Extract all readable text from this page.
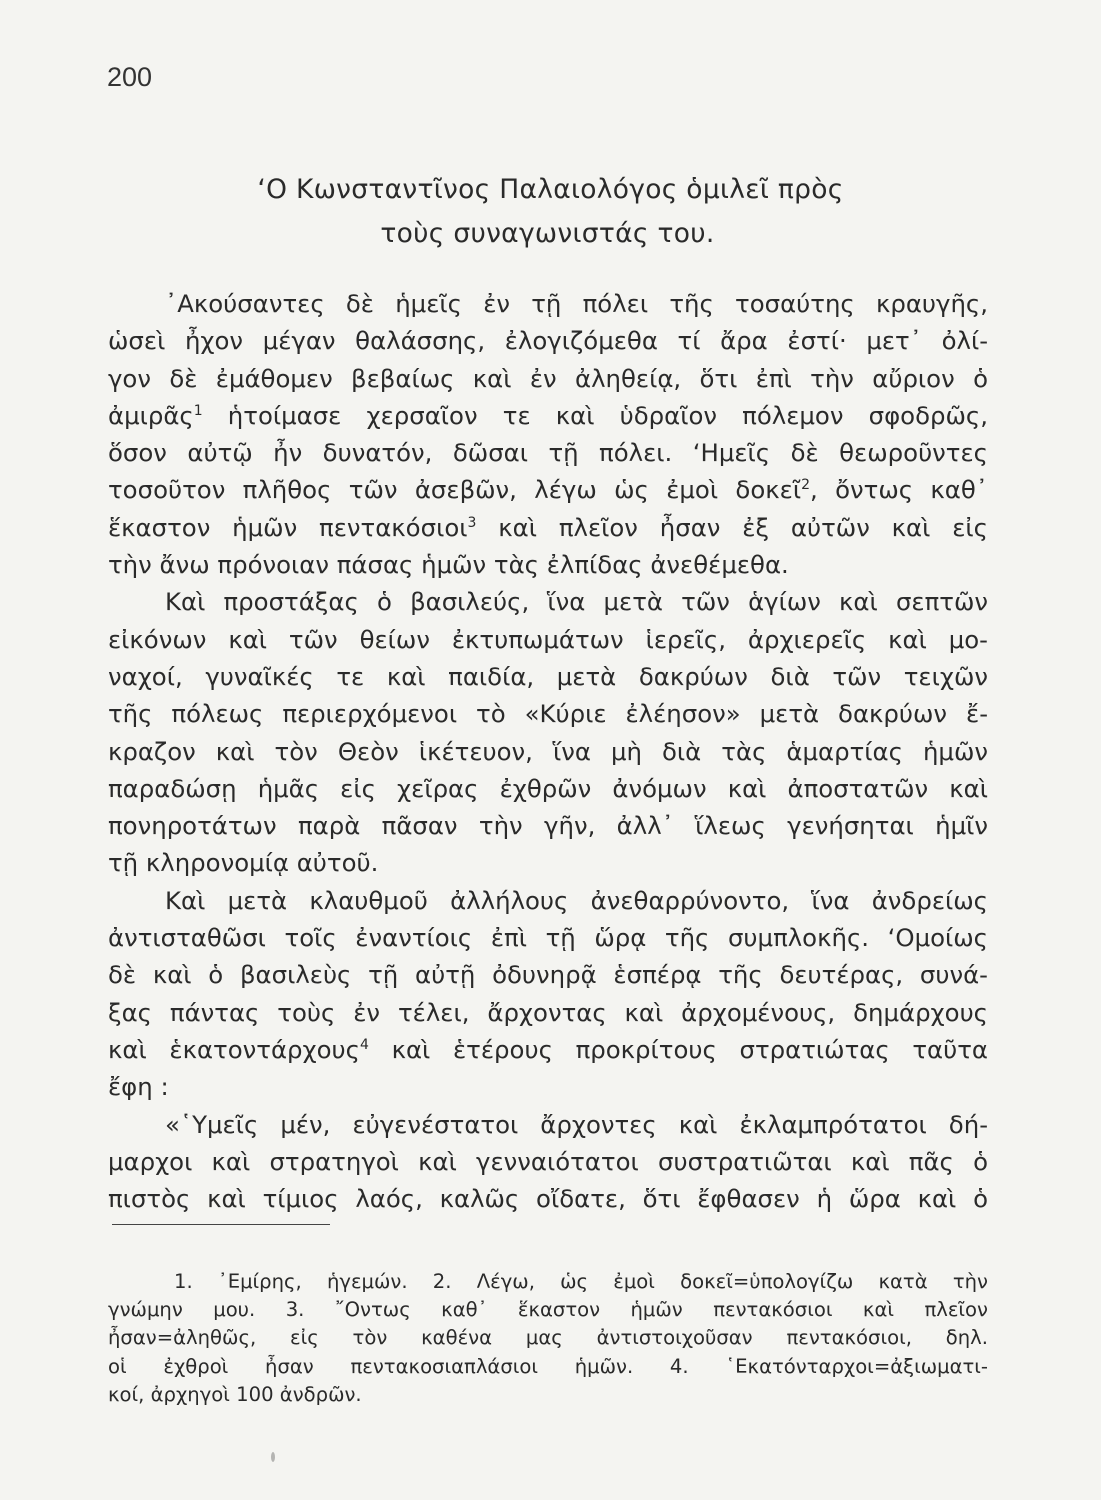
200
‘Ο Κωνσταντῖνος Παλαιολόγος ὁμιλεῖ πρὸς
τοὺς συναγωνιστάς του.
᾿Ακούσαντες δὲ ἡμεῖς ἐν τῇ πόλει τῆς τοσαύτης κραυγῆς,
ὡσεὶ ἦχον μέγαν θαλάσσης, ἐλογιζόμεθα τί ἄρα ἐστί· μετ᾿ ὀλί-
γον δὲ ἐμάθομεν βεβαίως καὶ ἐν ἀληθείᾳ, ὅτι ἐπὶ τὴν αὔριον ὁ
ἀμιρᾶς$^1$ ἡτοίμασε χερσαῖον τε καὶ ὑδραῖον πόλεμον σφοδρῶς,
ὅσον αὐτῷ ἦν δυνατόν, δῶσαι τῇ πόλει. ‘Ημεῖς δὲ θεωροῦντες
τοσοῦτον πλῆθος τῶν ἀσεβῶν, λέγω ὡς ἐμοὶ δοκεῖ$^2$, ὄντως καθ᾿
ἕκαστον ἡμῶν πεντακόσιοι$^3$ καὶ πλεῖον ἦσαν ἐξ αὐτῶν καὶ εἰς
τὴν ἄνω πρόνοιαν πάσας ἡμῶν τὰς ἐλπίδας ἀνεθέμεθα.
Καὶ προστάξας ὁ βασιλεύς, ἵνα μετὰ τῶν ἁγίων καὶ σεπτῶν
εἰκόνων καὶ τῶν θείων ἐκτυπωμάτων ἱερεῖς, ἀρχιερεῖς καὶ μο-
ναχοί, γυναῖκές τε καὶ παιδία, μετὰ δακρύων διὰ τῶν τειχῶν
τῆς πόλεως περιερχόμενοι τὸ «Κύριε ἐλέησον» μετὰ δακρύων ἔ-
κραζον καὶ τὸν Θεὸν ἱκέτευον, ἵνα μὴ διὰ τὰς ἁμαρτίας ἡμῶν
παραδώσῃ ἡμᾶς εἰς χεῖρας ἐχθρῶν ἀνόμων καὶ ἀποστατῶν καὶ
πονηροτάτων παρὰ πᾶσαν τὴν γῆν, ἀλλ᾿ ἵλεως γενήσηται ἡμῖν
τῇ κληρονομίᾳ αὐτοῦ.
Καὶ μετὰ κλαυθμοῦ ἀλλήλους ἀνεθαρρύνοντο, ἵνα ἀνδρείως
ἀντισταθῶσι τοῖς ἐναντίοις ἐπὶ τῇ ὥρᾳ τῆς συμπλοκῆς. ‘Ομοίως
δὲ καὶ ὁ βασιλεὺς τῇ αὐτῇ ὀδυνηρᾷ ἑσπέρᾳ τῆς δευτέρας, συνά-
ξας πάντας τοὺς ἐν τέλει, ἄρχοντας καὶ ἀρχομένους, δημάρχους
καὶ ἑκατοντάρχους$^4$ καὶ ἑτέρους προκρίτους στρατιώτας ταῦτα
ἔφη :
«῾Υμεῖς μέν, εὐγενέστατοι ἄρχοντες καὶ ἐκλαμπρότατοι δή-
μαρχοι καὶ στρατηγοὶ καὶ γενναιότατοι συστρατιῶται καὶ πᾶς ὁ
πιστὸς καὶ τίμιος λαός, καλῶς οἴδατε, ὅτι ἔφθασεν ἡ ὥρα καὶ ὁ
1. ᾿Εμίρης, ἡγεμών. 2. Λέγω, ὡς ἐμοὶ δοκεῖ=ὑπολογίζω κατὰ τὴν
γνώμην μου. 3. ῎Οντως καθ᾿ ἕκαστον ἡμῶν πεντακόσιοι καὶ πλεῖον
ἦσαν=ἀληθῶς, εἰς τὸν καθένα μας ἀντιστοιχοῦσαν πεντακόσιοι, δηλ.
οἱ ἐχθροὶ ἦσαν πεντακοσιαπλάσιοι ἡμῶν. 4. ῾Εκατόνταρχοι=ἀξιωματι-
κοί, ἀρχηγοὶ 100 ἀνδρῶν.
